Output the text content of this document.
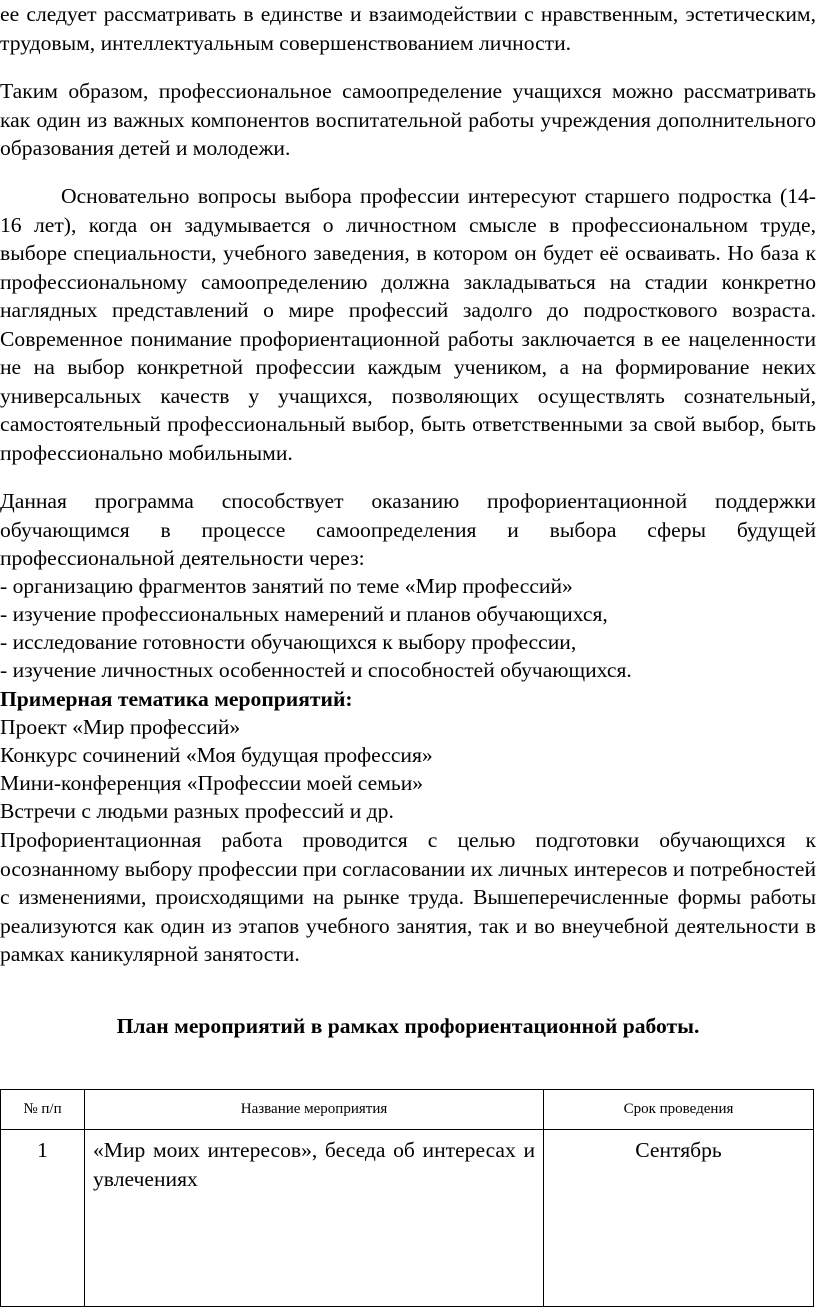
ее следует рассматривать в единстве и взаимодействии с нравственным, эстетическим, трудовым, интеллектуальным совершенствованием личности.

Таким образом, профессиональное самоопределение учащихся можно рассматривать как один из важных компонентов воспитательной работы учреждения дополнительного образования детей и молодежи.

Основательно вопросы выбора профессии интересуют старшего подростка (14-16 лет), когда он задумывается о личностном смысле в профессиональном труде, выборе специальности, учебного заведения, в котором он будет её осваивать. Но база к профессиональному самоопределению должна закладываться на стадии конкретно наглядных представлений о мире профессий задолго до подросткового возраста. Современное понимание профориентационной работы заключается в ее нацеленности не на выбор конкретной профессии каждым учеником, а на формирование неких универсальных качеств у учащихся, позволяющих осуществлять сознательный, самостоятельный профессиональный выбор, быть ответственными за свой выбор, быть профессионально мобильными.

Данная программа способствует оказанию профориентационной поддержки обучающимся в процессе самоопределения и выбора сферы будущей профессиональной деятельности через:

- организацию фрагментов занятий по теме «Мир профессий»

- изучение профессиональных намерений и планов обучающихся,

- исследование готовности обучающихся к выбору профессии,

- изучение личностных особенностей и способностей обучающихся.

Примерная тематика мероприятий:

Проект «Мир профессий»

Конкурс сочинений «Моя будущая профессия»

Мини-конференция «Профессии моей семьи»

Встречи с людьми разных профессий и др.

Профориентационная работа проводится с целью подготовки обучающихся к осознанному выбору профессии при согласовании их личных интересов и потребностей с изменениями, происходящими на рынке труда. Вышеперечисленные формы работы реализуются как один из этапов учебного занятия, так и во внеучебной деятельности в рамках каникулярной занятости.

План мероприятий в рамках профориентационной работы.
№ п/п	Название мероприятия	Срок проведения
1	«Мир моих интересов», беседа об интересах и увлечениях	Сентябрь
